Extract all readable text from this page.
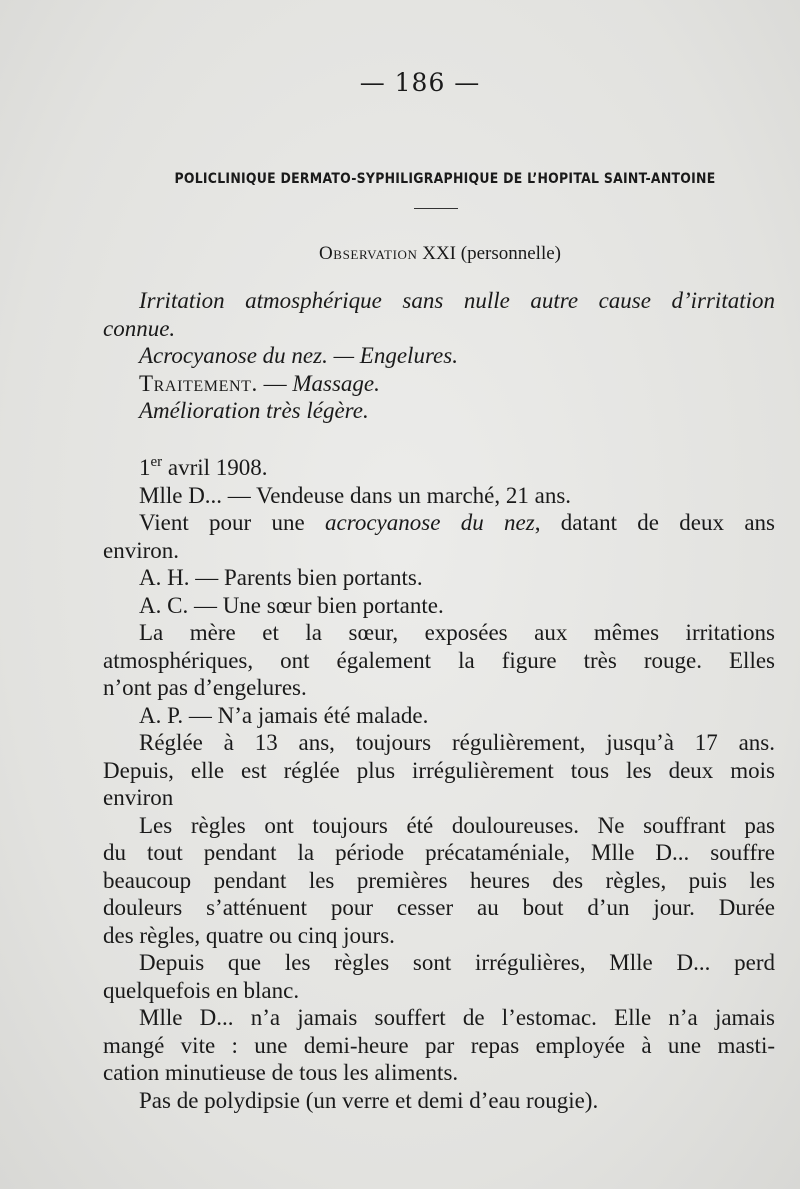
— 186 —
POLICLINIQUE DERMATO-SYPHILIGRAPHIQUE DE L’HOPITAL SAINT-ANTOINE
Observation XXI (personnelle)
Irritation atmosphérique sans nulle autre cause d’irritation
connue.
Acrocyanose du nez. — Engelures.
Traitement. — Massage.
Amélioration très légère.
1er avril 1908.
Mlle D... — Vendeuse dans un marché, 21 ans.
Vient pour une acrocyanose du nez, datant de deux ans
environ.
A. H. — Parents bien portants.
A. C. — Une sœur bien portante.
La mère et la sœur, exposées aux mêmes irritations
atmosphériques, ont également la figure très rouge. Elles
n’ont pas d’engelures.
A. P. — N’a jamais été malade.
Réglée à 13 ans, toujours régulièrement, jusqu’à 17 ans.
Depuis, elle est réglée plus irrégulièrement tous les deux mois
environ
Les règles ont toujours été douloureuses. Ne souffrant pas
du tout pendant la période précataméniale, Mlle D... souffre
beaucoup pendant les premières heures des règles, puis les
douleurs s’atténuent pour cesser au bout d’un jour. Durée
des règles, quatre ou cinq jours.
Depuis que les règles sont irrégulières, Mlle D... perd
quelquefois en blanc.
Mlle D... n’a jamais souffert de l’estomac. Elle n’a jamais
mangé vite : une demi-heure par repas employée à une masti-
cation minutieuse de tous les aliments.
Pas de polydipsie (un verre et demi d’eau rougie).
